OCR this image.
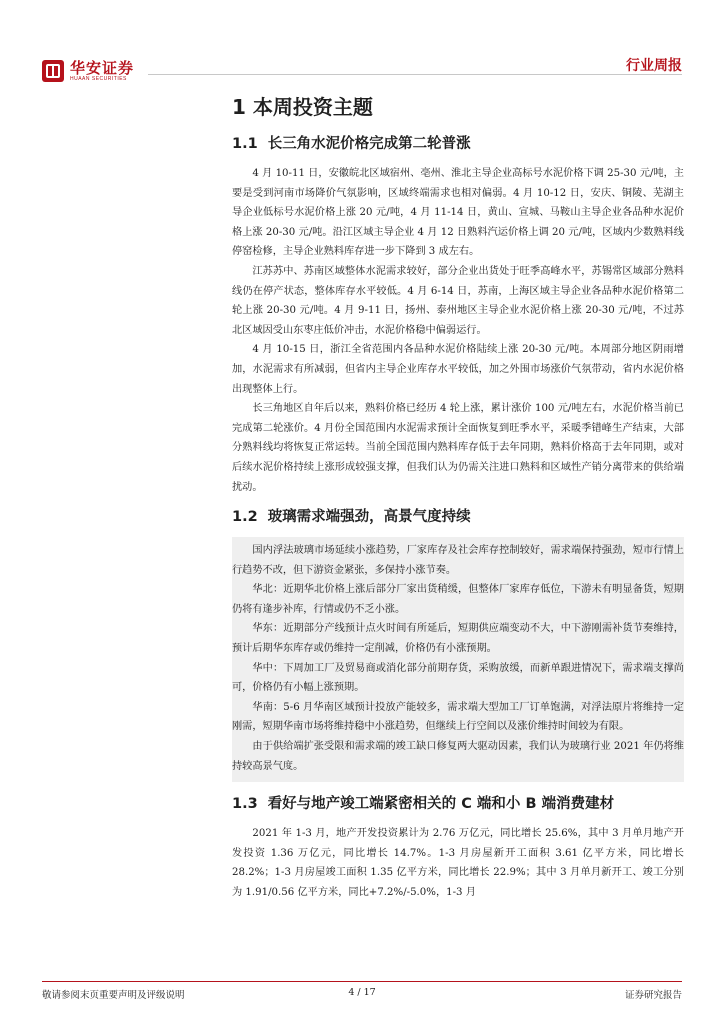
华安证券
HUAAN SECURITIES
行业周报
1 本周投资主题
1.1 长三角水泥价格完成第二轮普涨

4 月 10-11 日，安徽皖北区域宿州、亳州、淮北主导企业高标号水泥价格下调 25-30 元/吨，主要是受到河南市场降价气氛影响，区域终端需求也相对偏弱。4 月 10-12 日，安庆、铜陵、芜湖主导企业低标号水泥价格上涨 20 元/吨，4 月 11-14 日，黄山、宣城、马鞍山主导企业各品种水泥价格上涨 20-30 元/吨。沿江区域主导企业 4 月 12 日熟料汽运价格上调 20 元/吨，区域内少数熟料线停窑检修，主导企业熟料库存进一步下降到 3 成左右。

江苏苏中、苏南区域整体水泥需求较好，部分企业出货处于旺季高峰水平，苏锡常区域部分熟料线仍在停产状态，整体库存水平较低。4 月 6-14 日，苏南，上海区域主导企业各品种水泥价格第二轮上涨 20-30 元/吨。4 月 9-11 日，扬州、泰州地区主导企业水泥价格上涨 20-30 元/吨，不过苏北区域因受山东枣庄低价冲击，水泥价格稳中偏弱运行。

4 月 10-15 日，浙江全省范围内各品种水泥价格陆续上涨 20-30 元/吨。本周部分地区阴雨增加，水泥需求有所减弱，但省内主导企业库存水平较低，加之外围市场涨价气氛带动，省内水泥价格出现整体上行。

长三角地区自年后以来，熟料价格已经历 4 轮上涨，累计涨价 100 元/吨左右，水泥价格当前已完成第二轮涨价。4 月份全国范围内水泥需求预计全面恢复到旺季水平，采暖季错峰生产结束，大部分熟料线均将恢复正常运转。当前全国范围内熟料库存低于去年同期，熟料价格高于去年同期，或对后续水泥价格持续上涨形成较强支撑，但我们认为仍需关注进口熟料和区域性产销分离带来的供给端扰动。

1.2 玻璃需求端强劲，高景气度持续

国内浮法玻璃市场延续小涨趋势，厂家库存及社会库存控制较好，需求端保持强劲，短市行情上行趋势不改，但下游资金紧张，多保持小涨节奏。

华北：近期华北价格上涨后部分厂家出货稍缓，但整体厂家库存低位，下游未有明显备货，短期仍将有逢步补库，行情或仍不乏小涨。

华东：近期部分产线预计点火时间有所延后，短期供应端变动不大，中下游刚需补货节奏维持，预计后期华东库存或仍维持一定削减，价格仍有小涨预期。

华中：下周加工厂及贸易商或消化部分前期存货，采购放缓，而新单跟进情况下，需求端支撑尚可，价格仍有小幅上涨预期。

华南：5-6 月华南区域预计投放产能较多，需求端大型加工厂订单饱满，对浮法原片将维持一定刚需，短期华南市场将维持稳中小涨趋势，但继续上行空间以及涨价维持时间较为有限。

由于供给端扩张受限和需求端的竣工缺口修复两大驱动因素，我们认为玻璃行业 2021 年仍将维持较高景气度。

1.3 看好与地产竣工端紧密相关的 C 端和小 B 端消费建材

2021 年 1-3 月，地产开发投资累计为 2.76 万亿元，同比增长 25.6%，其中 3 月单月地产开发投资 1.36 万亿元，同比增长 14.7%。1-3 月房屋新开工面积 3.61 亿平方米，同比增长 28.2%；1-3 月房屋竣工面积 1.35 亿平方米，同比增长 22.9%；其中 3 月单月新开工、竣工分别为 1.91/0.56 亿平方米，同比+7.2%/-5.0%，1-3 月

敬请参阅末页重要声明及评级说明	4 / 17	证券研究报告
